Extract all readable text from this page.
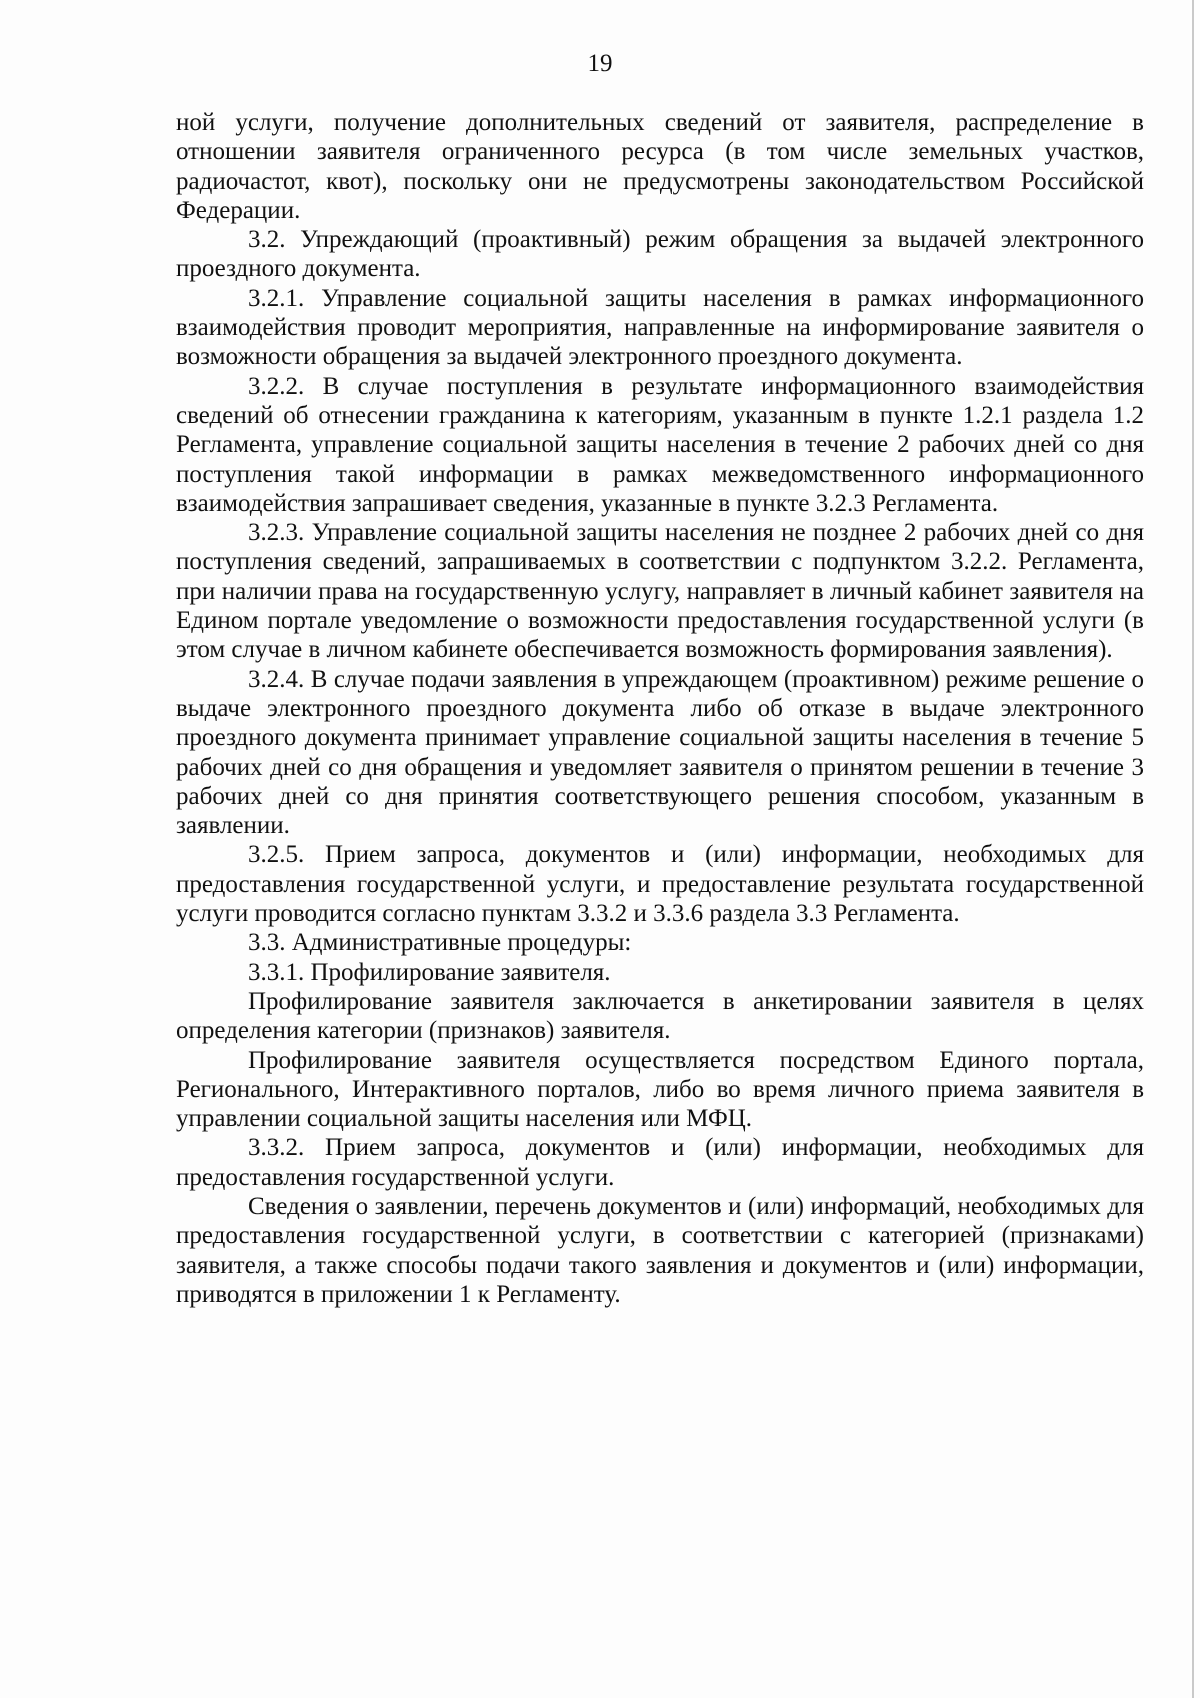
19

ной услуги, получение дополнительных сведений от заявителя, распределение в отношении заявителя ограниченного ресурса (в том числе земельных участков, радиочастот, квот), поскольку они не предусмотрены законодательством Российской Федерации.

3.2. Упреждающий (проактивный) режим обращения за выдачей электронного проездного документа.

3.2.1. Управление социальной защиты населения в рамках информационного взаимодействия проводит мероприятия, направленные на информирование заявителя о возможности обращения за выдачей электронного проездного документа.

3.2.2. В случае поступления в результате информационного взаимодействия сведений об отнесении гражданина к категориям, указанным в пункте 1.2.1 раздела 1.2 Регламента, управление социальной защиты населения в течение 2 рабочих дней со дня поступления такой информации в рамках межведомственного информационного взаимодействия запрашивает сведения, указанные в пункте 3.2.3 Регламента.

3.2.3. Управление социальной защиты населения не позднее 2 рабочих дней со дня поступления сведений, запрашиваемых в соответствии с подпунктом 3.2.2. Регламента, при наличии права на государственную услугу, направляет в личный кабинет заявителя на Едином портале уведомление о возможности предоставления государственной услуги (в этом случае в личном кабинете обеспечивается возможность формирования заявления).

3.2.4. В случае подачи заявления в упреждающем (проактивном) режиме решение о выдаче электронного проездного документа либо об отказе в выдаче электронного проездного документа принимает управление социальной защиты населения в течение 5 рабочих дней со дня обращения и уведомляет заявителя о принятом решении в течение 3 рабочих дней со дня принятия соответствующего решения способом, указанным в заявлении.

3.2.5. Прием запроса, документов и (или) информации, необходимых для предоставления государственной услуги, и предоставление результата государственной услуги проводится согласно пунктам 3.3.2 и 3.3.6 раздела 3.3 Регламента.

3.3. Административные процедуры:

3.3.1. Профилирование заявителя.

Профилирование заявителя заключается в анкетировании заявителя в целях определения категории (признаков) заявителя.

Профилирование заявителя осуществляется посредством Единого портала, Регионального, Интерактивного порталов, либо во время личного приема заявителя в управлении социальной защиты населения или МФЦ.

3.3.2. Прием запроса, документов и (или) информации, необходимых для предоставления государственной услуги.

Сведения о заявлении, перечень документов и (или) информаций, необходимых для предоставления государственной услуги, в соответствии с категорией (признаками) заявителя, а также способы подачи такого заявления и документов и (или) информации, приводятся в приложении 1 к Регламенту.
